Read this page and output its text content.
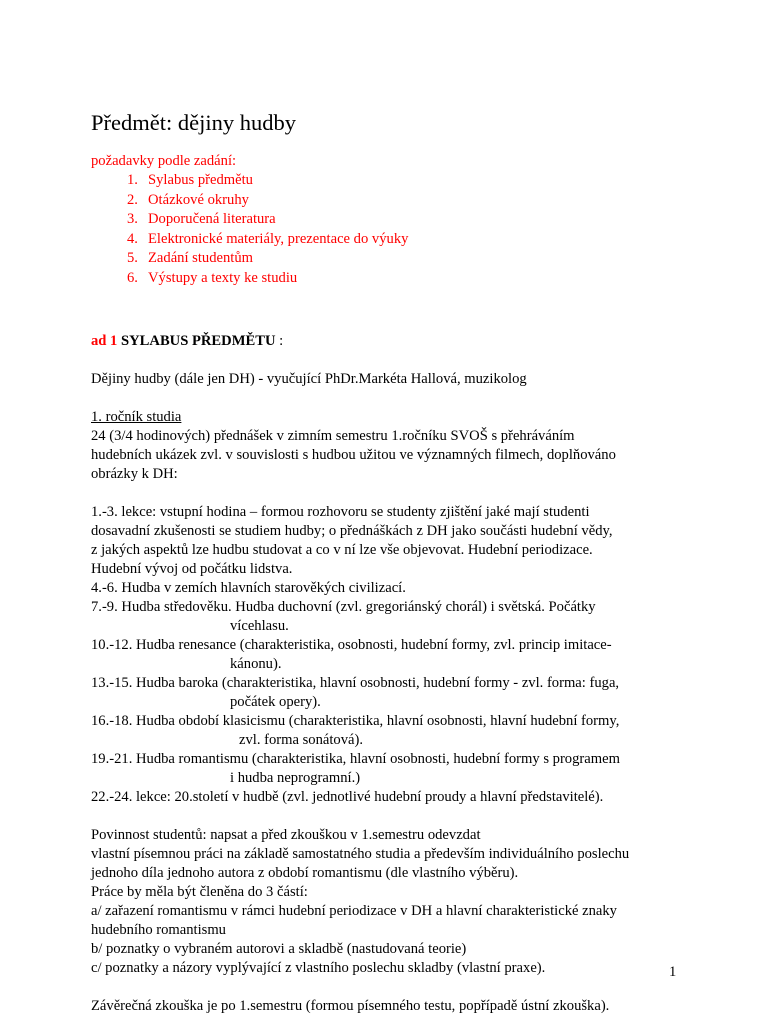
Předmět: dějiny hudby

požadavky podle zadání:

1. Sylabus předmětu
2. Otázkové okruhy
3. Doporučená literatura
4. Elektronické materiály, prezentace do výuky
5. Zadání studentům
6. Výstupy a texty ke studiu

ad 1 SYLABUS PŘEDMĚTU :

Dějiny hudby (dále jen DH) - vyučující PhDr.Markéta Hallová, muzikolog

1. ročník studia

24 (3/4 hodinových) přednášek v zimním semestru 1.ročníku SVOŠ s přehráváním

hudebních ukázek zvl. v souvislosti s hudbou užitou ve významných filmech, doplňováno

obrázky k DH:

1.-3. lekce: vstupní hodina – formou rozhovoru se studenty zjištění jaké mají studenti

dosavadní zkušenosti se studiem hudby; o přednáškách z DH jako součásti hudební vědy,

z jakých aspektů lze hudbu studovat a co v ní lze vše objevovat. Hudební periodizace.

Hudební vývoj od počátku lidstva.

4.-6. Hudba v zemích hlavních starověkých civilizací.

7.-9. Hudba středověku. Hudba duchovní (zvl. gregoriánský chorál) i světská. Počátky

vícehlasu.

10.-12. Hudba renesance (charakteristika, osobnosti, hudební formy, zvl. princip imitace-

kánonu).

13.-15. Hudba baroka (charakteristika, hlavní osobnosti, hudební formy - zvl. forma: fuga,

počátek opery).

16.-18. Hudba období klasicismu (charakteristika, hlavní osobnosti, hlavní hudební formy,

zvl. forma sonátová).

19.-21. Hudba romantismu (charakteristika, hlavní osobnosti, hudební formy s programem

i hudba neprogramní.)

22.-24. lekce: 20.století v hudbě (zvl. jednotlivé hudební proudy a hlavní představitelé).

Povinnost studentů: napsat a před zkouškou v 1.semestru odevzdat

vlastní písemnou práci na základě samostatného studia a především individuálního poslechu

jednoho díla jednoho autora z období romantismu (dle vlastního výběru).

Práce by měla být členěna do 3 částí:

a/ zařazení romantismu v rámci hudební periodizace v DH a hlavní charakteristické znaky

hudebního romantismu

b/ poznatky o vybraném autorovi a skladbě (nastudovaná teorie)

c/ poznatky a názory vyplývající z vlastního poslechu skladby (vlastní praxe).

Závěrečná zkouška je po 1.semestru (formou písemného testu, popřípadě ústní zkouška).

1
